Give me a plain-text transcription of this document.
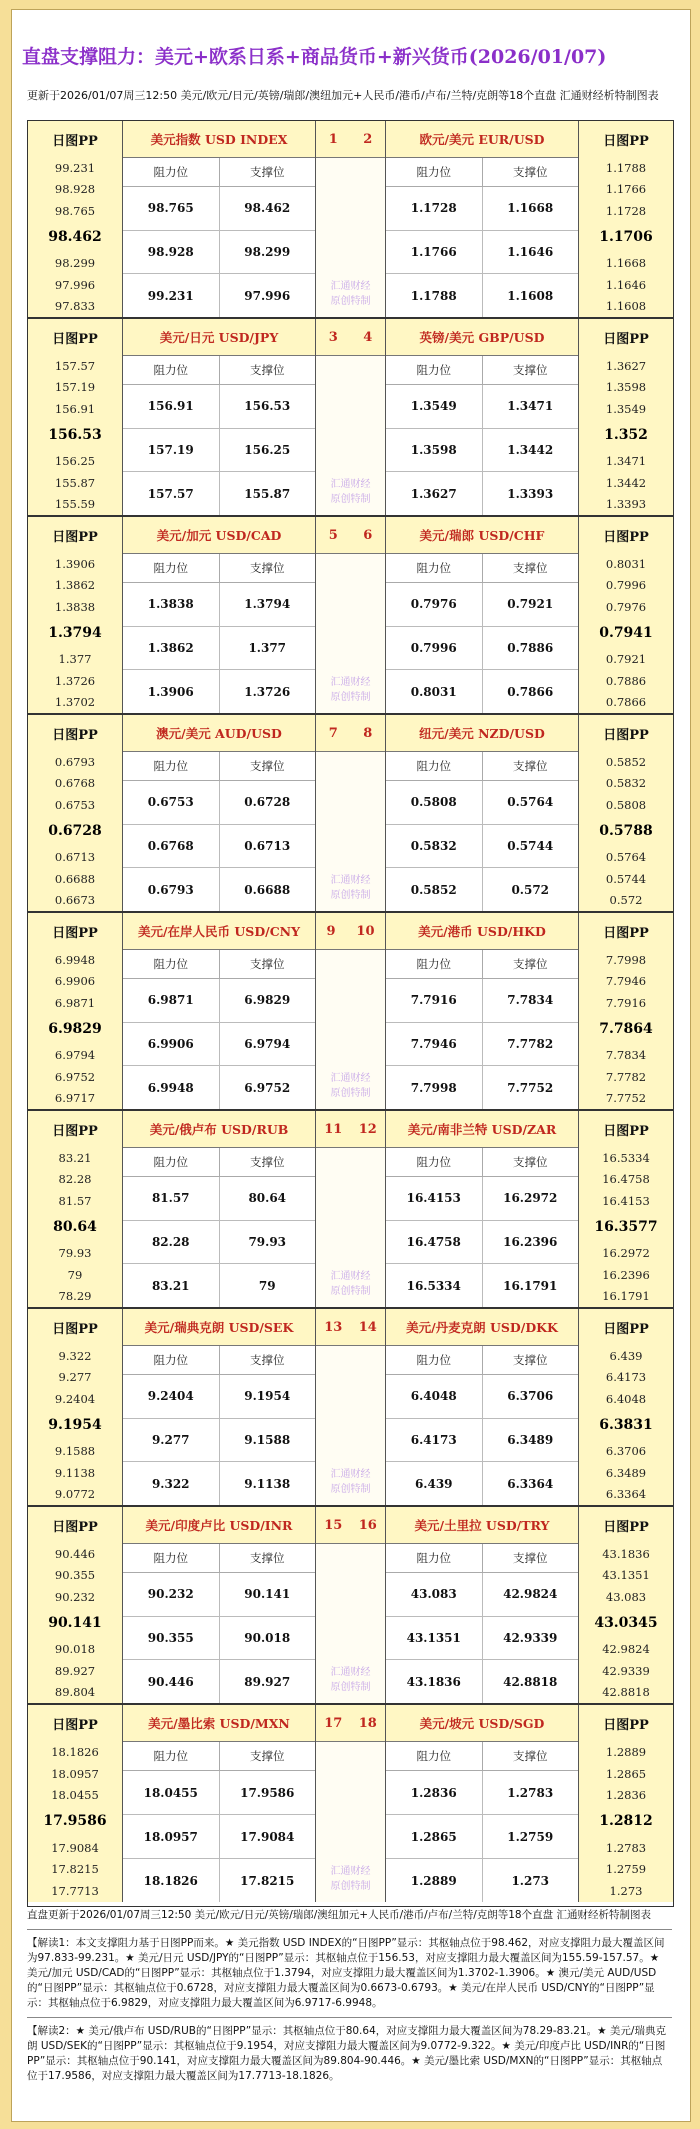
直盘支撑阻力：美元+欧系日系+商品货币+新兴货币(2026/01/07)
更新于2026/01/07周三12:50 美元/欧元/日元/英镑/瑞郎/澳纽加元+人民币/港币/卢布/兰特/克朗等18个直盘 汇通财经析特制图表
日图PP
99.231
98.928
98.765
98.462
98.299
97.996
97.833
美元指数 USD INDEX
阻力位	支撑位
98.765	98.462
98.928	98.299
99.231	97.996
1 2
汇通财经
原创特制
欧元/美元 EUR/USD
阻力位	支撑位
1.1728	1.1668
1.1766	1.1646
1.1788	1.1608
日图PP
1.1788
1.1766
1.1728
1.1706
1.1668
1.1646
1.1608
日图PP
157.57
157.19
156.91
156.53
156.25
155.87
155.59
美元/日元 USD/JPY
阻力位	支撑位
156.91	156.53
157.19	156.25
157.57	155.87
3 4
汇通财经
原创特制
英镑/美元 GBP/USD
阻力位	支撑位
1.3549	1.3471
1.3598	1.3442
1.3627	1.3393
日图PP
1.3627
1.3598
1.3549
1.352
1.3471
1.3442
1.3393
日图PP
1.3906
1.3862
1.3838
1.3794
1.377
1.3726
1.3702
美元/加元 USD/CAD
阻力位	支撑位
1.3838	1.3794
1.3862	1.377
1.3906	1.3726
5 6
汇通财经
原创特制
美元/瑞郎 USD/CHF
阻力位	支撑位
0.7976	0.7921
0.7996	0.7886
0.8031	0.7866
日图PP
0.8031
0.7996
0.7976
0.7941
0.7921
0.7886
0.7866
日图PP
0.6793
0.6768
0.6753
0.6728
0.6713
0.6688
0.6673
澳元/美元 AUD/USD
阻力位	支撑位
0.6753	0.6728
0.6768	0.6713
0.6793	0.6688
7 8
汇通财经
原创特制
纽元/美元 NZD/USD
阻力位	支撑位
0.5808	0.5764
0.5832	0.5744
0.5852	0.572
日图PP
0.5852
0.5832
0.5808
0.5788
0.5764
0.5744
0.572
日图PP
6.9948
6.9906
6.9871
6.9829
6.9794
6.9752
6.9717
美元/在岸人民币 USD/CNY
阻力位	支撑位
6.9871	6.9829
6.9906	6.9794
6.9948	6.9752
9 10
汇通财经
原创特制
美元/港币 USD/HKD
阻力位	支撑位
7.7916	7.7834
7.7946	7.7782
7.7998	7.7752
日图PP
7.7998
7.7946
7.7916
7.7864
7.7834
7.7782
7.7752
日图PP
83.21
82.28
81.57
80.64
79.93
79
78.29
美元/俄卢布 USD/RUB
阻力位	支撑位
81.57	80.64
82.28	79.93
83.21	79
11 12
汇通财经
原创特制
美元/南非兰特 USD/ZAR
阻力位	支撑位
16.4153	16.2972
16.4758	16.2396
16.5334	16.1791
日图PP
16.5334
16.4758
16.4153
16.3577
16.2972
16.2396
16.1791
日图PP
9.322
9.277
9.2404
9.1954
9.1588
9.1138
9.0772
美元/瑞典克朗 USD/SEK
阻力位	支撑位
9.2404	9.1954
9.277	9.1588
9.322	9.1138
13 14
汇通财经
原创特制
美元/丹麦克朗 USD/DKK
阻力位	支撑位
6.4048	6.3706
6.4173	6.3489
6.439	6.3364
日图PP
6.439
6.4173
6.4048
6.3831
6.3706
6.3489
6.3364
日图PP
90.446
90.355
90.232
90.141
90.018
89.927
89.804
美元/印度卢比 USD/INR
阻力位	支撑位
90.232	90.141
90.355	90.018
90.446	89.927
15 16
汇通财经
原创特制
美元/土里拉 USD/TRY
阻力位	支撑位
43.083	42.9824
43.1351	42.9339
43.1836	42.8818
日图PP
43.1836
43.1351
43.083
43.0345
42.9824
42.9339
42.8818
日图PP
18.1826
18.0957
18.0455
17.9586
17.9084
17.8215
17.7713
美元/墨比索 USD/MXN
阻力位	支撑位
18.0455	17.9586
18.0957	17.9084
18.1826	17.8215
17 18
汇通财经
原创特制
美元/坡元 USD/SGD
阻力位	支撑位
1.2836	1.2783
1.2865	1.2759
1.2889	1.273
日图PP
1.2889
1.2865
1.2836
1.2812
1.2783
1.2759
1.273

直盘更新于2026/01/07周三12:50 美元/欧元/日元/英镑/瑞郎/澳纽加元+人民币/港币/卢布/兰特/克朗等18个直盘 汇通财经析特制图表

【解读1：本文支撑阻力基于日图PP而来。★ 美元指数 USD INDEX的“日图PP”显示：其枢轴点位于98.462，对应支撑阻力最大覆盖区间为97.833-99.231。★ 美元/日元 USD/JPY的“日图PP”显示：其枢轴点位于156.53，对应支撑阻力最大覆盖区间为155.59-157.57。★ 美元/加元 USD/CAD的“日图PP”显示：其枢轴点位于1.3794，对应支撑阻力最大覆盖区间为1.3702-1.3906。★ 澳元/美元 AUD/USD的“日图PP”显示：其枢轴点位于0.6728，对应支撑阻力最大覆盖区间为0.6673-0.6793。★ 美元/在岸人民币 USD/CNY的“日图PP”显示：其枢轴点位于6.9829，对应支撑阻力最大覆盖区间为6.9717-6.9948。

【解读2：★ 美元/俄卢布 USD/RUB的“日图PP”显示：其枢轴点位于80.64，对应支撑阻力最大覆盖区间为78.29-83.21。★ 美元/瑞典克朗 USD/SEK的“日图PP”显示：其枢轴点位于9.1954，对应支撑阻力最大覆盖区间为9.0772-9.322。★ 美元/印度卢比 USD/INR的“日图PP”显示：其枢轴点位于90.141，对应支撑阻力最大覆盖区间为89.804-90.446。★ 美元/墨比索 USD/MXN的“日图PP”显示：其枢轴点位于17.9586，对应支撑阻力最大覆盖区间为17.7713-18.1826。

FX678
